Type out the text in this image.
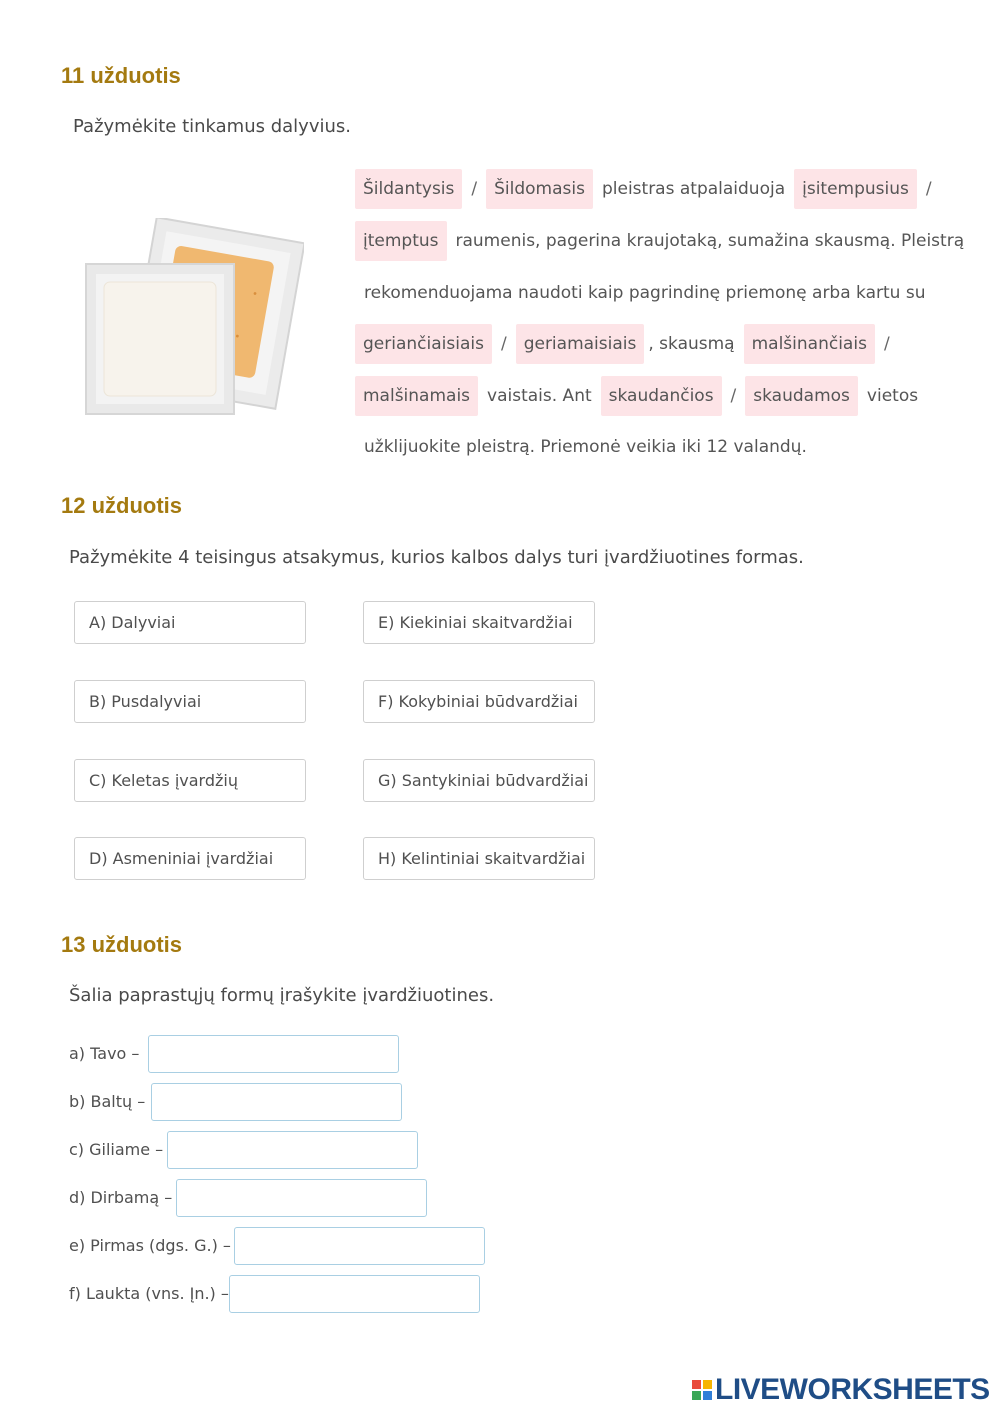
11 užduotis

Pažymėkite tinkamus dalyvius.

Šildantysis	/	Šildomasis	pleistras atpalaiduoja	įsitempusius	/
įtemptus	raumenis, pagerina kraujotaką, sumažina skausmą. Pleistrą
rekomenduojama naudoti kaip pagrindinę priemonę arba kartu su
geriančiaisiais	/	geriamaisiais , skausmą	malšinančiais	/
malšinamais	vaistais. Ant	skaudančios	/	skaudamos	vietos
užklijuokite pleistrą. Priemonė veikia iki 12 valandų.
12 užduotis

Pažymėkite 4 teisingus atsakymus, kurios kalbos dalys turi įvardžiuotines formas.

A) Dalyviai
B) Pusdalyviai
C) Keletas įvardžių
D) Asmeniniai įvardžiai
E) Kiekiniai skaitvardžiai
F) Kokybiniai būdvardžiai
G) Santykiniai būdvardžiai
H) Kelintiniai skaitvardžiai
13 užduotis

Šalia paprastųjų formų įrašykite įvardžiuotines.

a) Tavo –
b) Baltų –
c) Giliame –
d) Dirbamą –
e) Pirmas (dgs. G.) –
f) Laukta (vns. Įn.) –
LIVEWORKSHEETS
